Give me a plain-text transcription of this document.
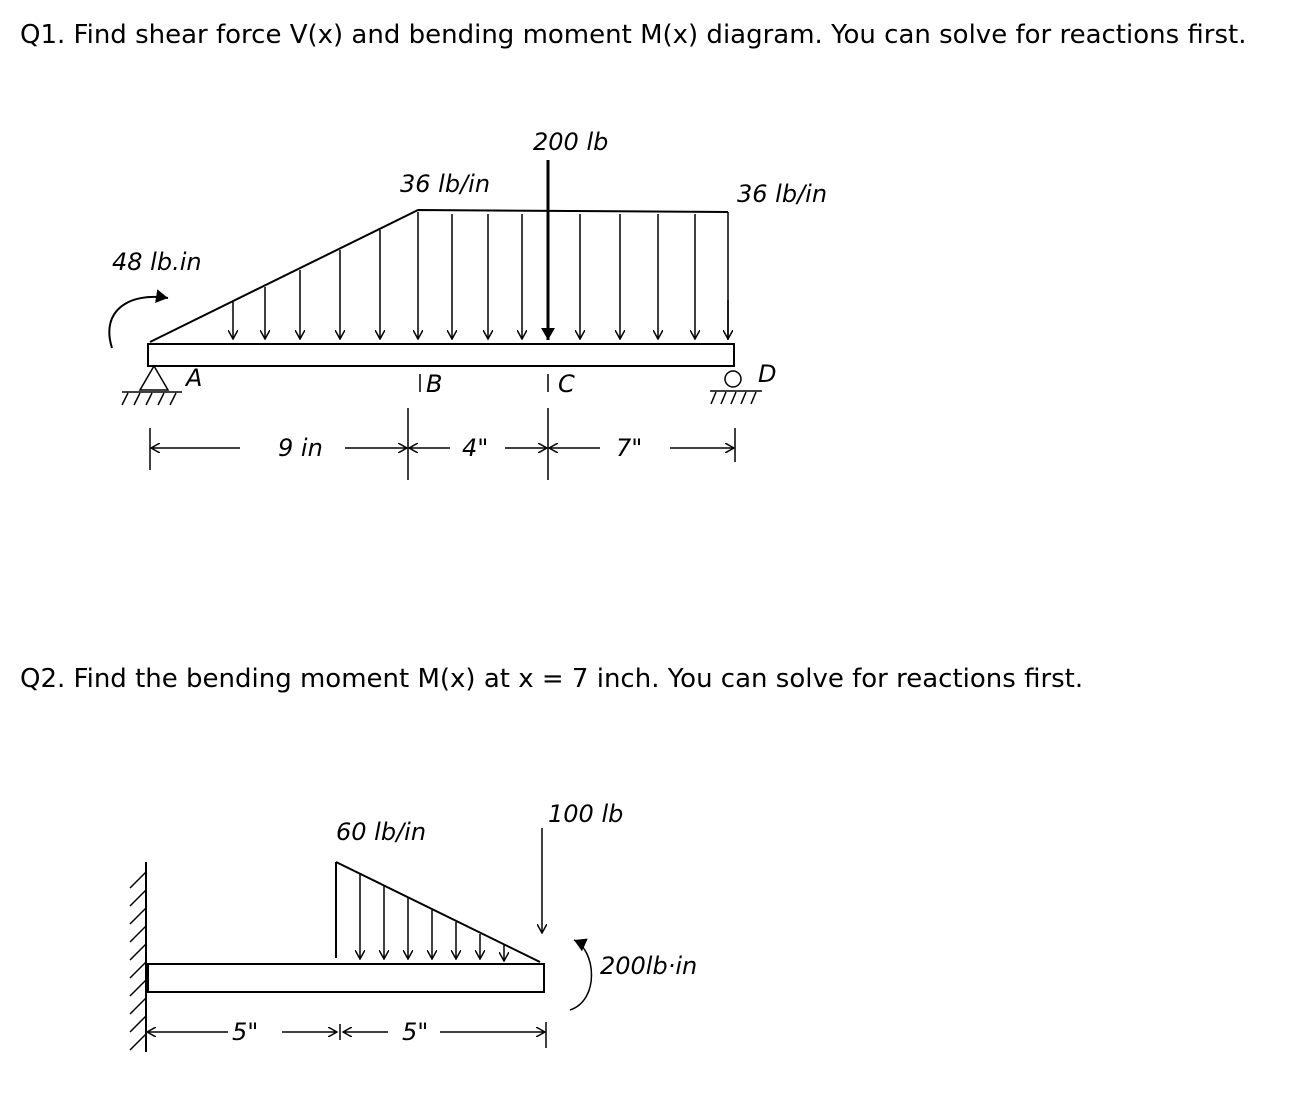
Q1. Find shear force V(x) and bending moment M(x) diagram. You can solve for reactions first.
200 lb
36 lb/in	36 lb/in
48 lb.in
A	B	C	D
9 in	4"	7"
60 lb/in
100 lb
200lb·in
5"	5"
Q2. Find the bending moment M(x) at x = 7 inch. You can solve for reactions first.
